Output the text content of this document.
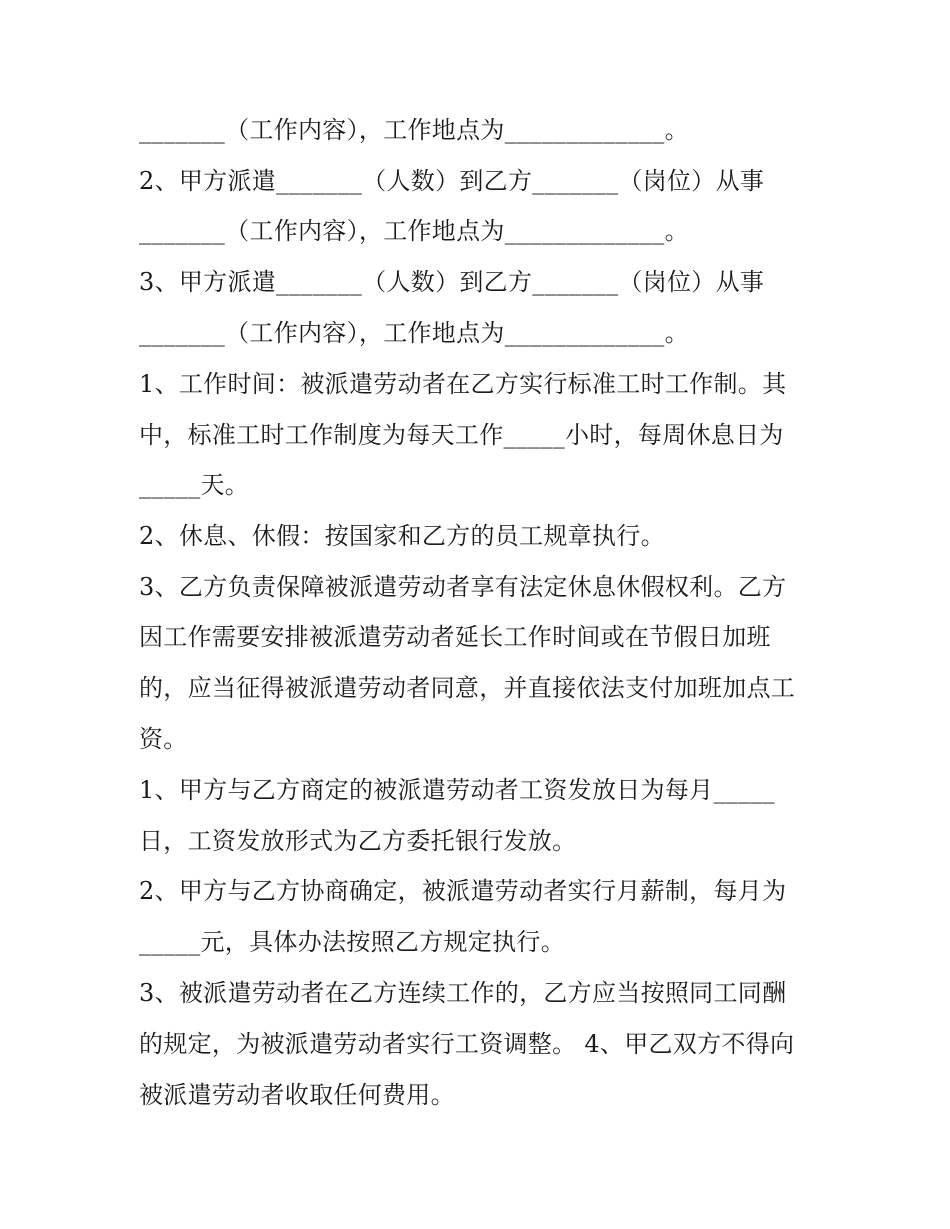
_______（工作内容），工作地点为_____________。
2、甲方派遣_______（人数）到乙方_______（岗位）从事
_______（工作内容），工作地点为_____________。
3、甲方派遣_______（人数）到乙方_______（岗位）从事
_______（工作内容），工作地点为_____________。
1、工作时间：被派遣劳动者在乙方实行标准工时工作制。其
中，标准工时工作制度为每天工作_____小时，每周休息日为
_____天。
2、休息、休假：按国家和乙方的员工规章执行。
3、乙方负责保障被派遣劳动者享有法定休息休假权利。乙方
因工作需要安排被派遣劳动者延长工作时间或在节假日加班
的，应当征得被派遣劳动者同意，并直接依法支付加班加点工
资。
1、甲方与乙方商定的被派遣劳动者工资发放日为每月_____
日，工资发放形式为乙方委托银行发放。
2、甲方与乙方协商确定，被派遣劳动者实行月薪制，每月为
_____元，具体办法按照乙方规定执行。
3、被派遣劳动者在乙方连续工作的，乙方应当按照同工同酬
的规定，为被派遣劳动者实行工资调整。 4、甲乙双方不得向
被派遣劳动者收取任何费用。
